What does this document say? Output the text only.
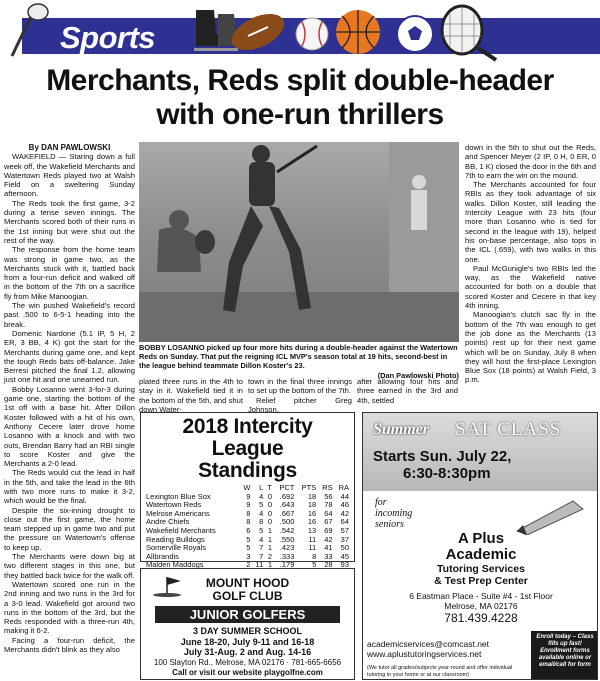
Sports
Merchants, Reds split double-header
with one-run thrillers
By DAN PAWLOWSKI

WAKEFIELD — Staring down a full week off, the Wakefield Merchants and Watertown Reds played two at Walsh Field on a sweltering Sunday afternoon.

The Reds took the first game, 3-2 during a tense seven innings. The Merchants scored both of their runs in the 1st inning but were shut out the rest of the way.

The response from the home team was strong in game two, as the Merchants stuck with it, battled back from a four-run deficit and walked off in the bottom of the 7th on a sacrifice fly from Mike Manoogian.

The win pushed Wakefield's record past .500 to 6-5-1 heading into the break.

Domenic Nardone (5.1 IP, 5 H, 2 ER, 3 BB, 4 K) got the start for the Merchants during game one, and kept the tough Reds bats off-balance. Jake Berresi pitched the final 1.2, allowing just one hit and one unearned run.

Bobby Losanno went 3-for-3 during game one, starting the bottom of the 1st off with a base hit. After Dillon Koster followed with a hit of his own, Anthony Cecere later drove home Losanno with a knock and with two outs, Brendan Barry had an RBI single to score Koster and give the Merchants a 2-0 lead.

The Reds would cut the lead in half in the 5th, and take the lead in the 6th with two more runs to make it 3-2, which would be the final.

Despite the six-inning drought to close out the first game, the home team stepped up in game two and put the pressure on Watertown's offense to keep up.

The Merchants were down big at two different stages in this one, but they battled back twice for the walk off.

Watertown scored one run in the 2nd inning and two runs in the 3rd for a 3-0 lead. Wakefield got around two runs in the bottom of the 3rd, but the Reds responded with a three-run 4th, making it 6-2.

Facing a four-run deficit, the Merchants didn't blink as they also

BOBBY LOSANNO picked up four more hits during a double-header against the Watertown Reds on Sunday. That put the reigning ICL MVP's season total at 19 hits, second-best in the league behind teammate Dillon Koster's 23.
(Dan Pawlowski Photo)

plated three runs in the 4th to stay in it. Wakefield tied it in the bottom of the 5th, and shut down Water-

town in the final three innings to set up the bottom of the 7th.

Relief pitcher Greg Johnson,

after allowing four hits and three earned in the 3rd and 4th, settled

down in the 5th to shut out the Reds, and Spencer Meyer (2 IP, 0 H, 0 ER, 0 BB, 1 K) closed the door in the 6th and 7th to earn the win on the mound.

The Merchants accounted for four RBIs as they took advantage of six walks. Dillon Koster, still leading the Intercity League with 23 hits (four more than Losanno who is tied for second in the league with 19), helped his on-base percentage, also tops in the ICL (.659), with two walks in this one.

Paul McGunigle's two RBIs led the way, as the Wakefield native accounted for both on a double that scored Koster and Cecere in that key 4th inning.

Manoogian's clutch sac fly in the bottom of the 7th was enough to get the job done as the Merchants (13 points) rest up for their next game which will be on Sunday, July 8 when they will host the first-place Lexington Blue Sox (18 points) at Walsh Field, 3 p.m.

2018 Intercity League
Standings
	W	L	T	PCT	PTS	RS	RA
Lexington Blue Sox	9	4	0	.692	18	56	44
Watertown Reds	9	5	0	.643	18	78	46
Melrose Americans	8	4	0	.667	16	64	42
Andre Chiefs	8	8	0	.500	16	67	64
Wakefield Merchants	6	5	1	.542	13	69	57
Reading Bulldogs	5	4	1	.550	11	42	37
Somerville Royals	5	7	1	.423	11	41	50
Allbrandis	3	7	2	.333	8	33	45
Malden Maddogs	2	11	1	.179	5	28	93
MOUNT HOOD
GOLF CLUB
JUNIOR GOLFERS
3 DAY SUMMER SCHOOL
June 18-20, July 9-11 and 16-18
July 31-Aug. 2 and Aug. 14-16
100 Slayton Rd., Melrose, MA 02176 · 781-665-6656
Call or visit our website playgolfne.com
Summer SAT CLASS
Starts Sun. July 22,
6:30-8:30pm
for
incoming
seniors
A Plus
Academic
Tutoring Services
& Test Prep Center
6 Eastman Place - Suite #4 - 1st Floor
Melrose, MA 02176
781.439.4228
academicservices@comcast.net
www.aplustutoringservices.net
(We tutor all grades/subjects year-round and offer individual tutoring in your home or at our classroom)
Enroll today – Class fills up fast! Enrollment forms available online or email/call for form
